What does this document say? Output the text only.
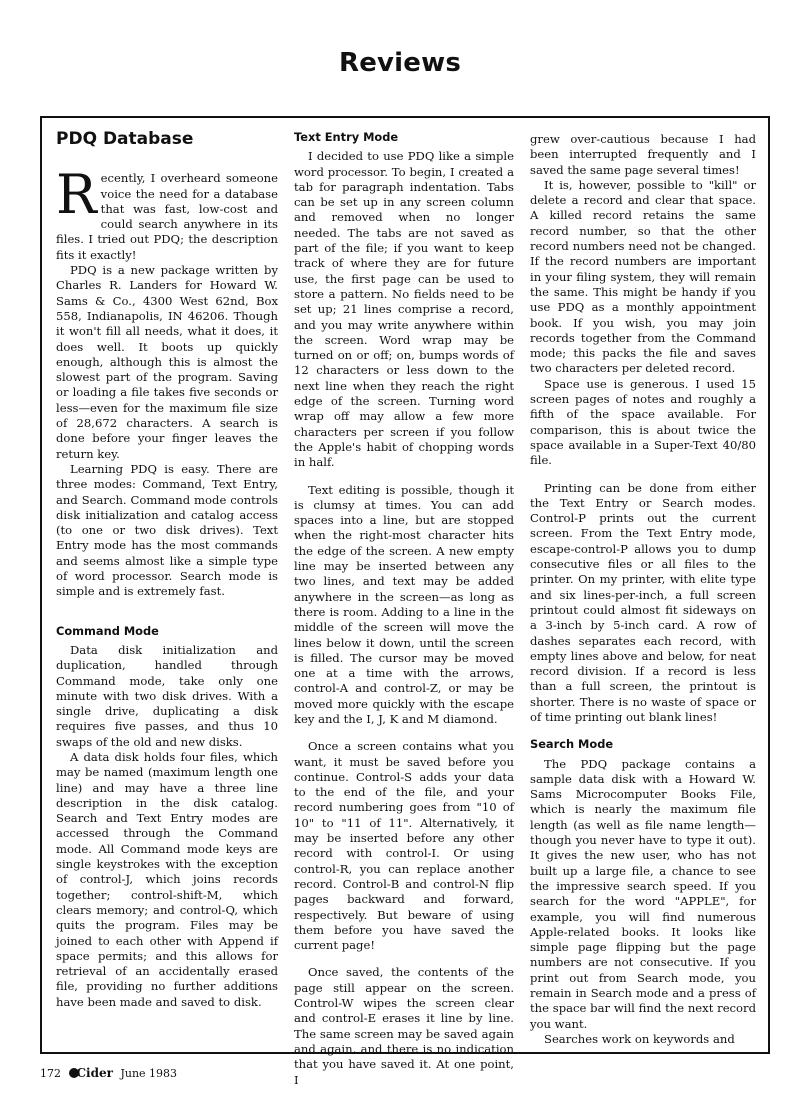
Reviews
PDQ Database

Recently, I overheard someone voice the need for a database that was fast, low-cost and could search anywhere in its files. I tried out PDQ; the description fits it exactly!

PDQ is a new package written by Charles R. Landers for Howard W. Sams & Co., 4300 West 62nd, Box 558, Indianapolis, IN 46206. Though it won't fill all needs, what it does, it does well. It boots up quickly enough, although this is almost the slowest part of the program. Saving or loading a file takes five seconds or less—even for the maximum file size of 28,672 characters. A search is done before your finger leaves the return key.

Learning PDQ is easy. There are three modes: Command, Text Entry, and Search. Command mode controls disk initialization and catalog access (to one or two disk drives). Text Entry mode has the most commands and seems almost like a simple type of word processor. Search mode is simple and is extremely fast.

Command Mode

Data disk initialization and duplication, handled through Command mode, take only one minute with two disk drives. With a single drive, duplicating a disk requires five passes, and thus 10 swaps of the old and new disks.

A data disk holds four files, which may be named (maximum length one line) and may have a three line description in the disk catalog. Search and Text Entry modes are accessed through the Command mode. All Command mode keys are single keystrokes with the exception of control-J, which joins records together; control-shift-M, which clears memory; and control-Q, which quits the program. Files may be joined to each other with Append if space permits; and this allows for retrieval of an accidentally erased file, providing no further additions have been made and saved to disk.

Text Entry Mode

I decided to use PDQ like a simple word processor. To begin, I created a tab for paragraph indentation. Tabs can be set up in any screen column and removed when no longer needed. The tabs are not saved as part of the file; if you want to keep track of where they are for future use, the first page can be used to store a pattern. No fields need to be set up; 21 lines comprise a record, and you may write anywhere within the screen. Word wrap may be turned on or off; on, bumps words of 12 characters or less down to the next line when they reach the right edge of the screen. Turning word wrap off may allow a few more characters per screen if you follow the Apple's habit of chopping words in half.

Text editing is possible, though it is clumsy at times. You can add spaces into a line, but are stopped when the right-most character hits the edge of the screen. A new empty line may be inserted between any two lines, and text may be added anywhere in the screen—as long as there is room. Adding to a line in the middle of the screen will move the lines below it down, until the screen is filled. The cursor may be moved one at a time with the arrows, control-A and control-Z, or may be moved more quickly with the escape key and the I, J, K and M diamond.

Once a screen contains what you want, it must be saved before you continue. Control-S adds your data to the end of the file, and your record numbering goes from "10 of 10" to "11 of 11". Alternatively, it may be inserted before any other record with control-I. Or using control-R, you can replace another record. Control-B and control-N flip pages backward and forward, respectively. But beware of using them before you have saved the current page!

Once saved, the contents of the page still appear on the screen. Control-W wipes the screen clear and control-E erases it line by line. The same screen may be saved again and again, and there is no indication that you have saved it. At one point, I

grew over-cautious because I had been interrupted frequently and I saved the same page several times!

It is, however, possible to "kill" or delete a record and clear that space. A killed record retains the same record number, so that the other record numbers need not be changed. If the record numbers are important in your filing system, they will remain the same. This might be handy if you use PDQ as a monthly appointment book. If you wish, you may join records together from the Command mode; this packs the file and saves two characters per deleted record.

Space use is generous. I used 15 screen pages of notes and roughly a fifth of the space available. For comparison, this is about twice the space available in a Super-Text 40/80 file.

Printing can be done from either the Text Entry or Search modes. Control-P prints out the current screen. From the Text Entry mode, escape-control-P allows you to dump consecutive files or all files to the printer. On my printer, with elite type and six lines-per-inch, a full screen printout could almost fit sideways on a 3-inch by 5-inch card. A row of dashes separates each record, with empty lines above and below, for neat record division. If a record is less than a full screen, the printout is shorter. There is no waste of space or of time printing out blank lines!

Search Mode

The PDQ package contains a sample data disk with a Howard W. Sams Microcomputer Books File, which is nearly the maximum file length (as well as file name length—though you never have to type it out). It gives the new user, who has not built up a large file, a chance to see the impressive search speed. If you search for the word "APPLE", for example, you will find numerous Apple-related books. It looks like simple page flipping but the page numbers are not consecutive. If you print out from Search mode, you remain in Search mode and a press of the space bar will find the next record you want.

Searches work on keywords and

172 Cider June 1983
